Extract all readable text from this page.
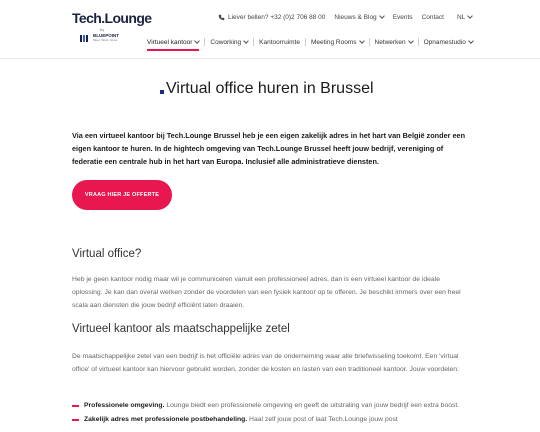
Tech.Lounge
by
BLUEPOINT
Meet. Work. Grow.
Liever bellen? +32 (0)2 706 88 00 Nieuws & Blog Events Contact NL
Virtueel kantoor	Coworking	Kantoorruimte Meeting Rooms	Netwerken	Opnamestudio
Virtual office huren in Brussel

Via een virtueel kantoor bij Tech.Lounge Brussel heb je een eigen zakelijk adres in het hart van België zonder een eigen kantoor te huren. In de hightech omgeving van Tech.Lounge Brussel heeft jouw bedrijf, vereniging of federatie een centrale hub in het hart van Europa. Inclusief alle administratieve diensten.

VRAAG HIER JE OFFERTE
Virtual office?

Heb je geen kantoor nodig maar wil je communiceren vanuit een professioneel adres, dan is een virtueel kantoor de ideale oplossing. Je kan dan overal werken zonder de voordelen van een fysiek kantoor op te offeren. Je beschikt immers over een heel scala aan diensten die jouw bedrijf efficiënt laten draaien.

Virtueel kantoor als maatschappelijke zetel

De maatschappelijke zetel van een bedrijf is het officiële adres van de onderneming waar alle briefwisseling toekomt. Een 'virtual office' of virtueel kantoor kan hiervoor gebruikt worden, zonder de kosten en lasten van een traditioneel kantoor. Jouw voordelen:

Professionele omgeving. Lounge biedt een professionele omgeving en geeft de uitstraling van jouw bedrijf een extra boost.
Zakelijk adres met professionele postbehandeling. Haal zelf jouw post of laat Tech.Lounge jouw post
